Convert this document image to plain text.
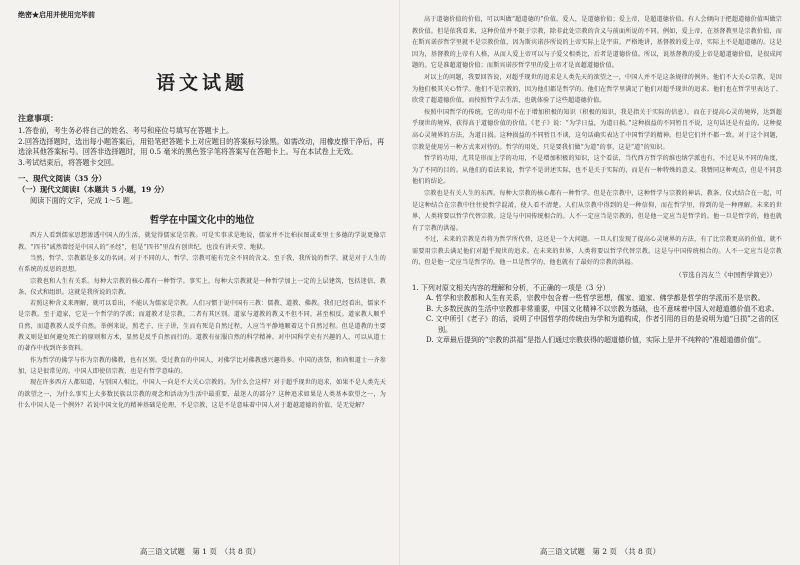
绝密★启用并使用完毕前
语文试题
注意事项：
1.答卷前，考生务必将自己的姓名、考号和座位号填写在答题卡上。
2.回答选择题时，选出每小题答案后，用铅笔把答题卡上对应题目的答案标号涂黑。如需改动，用橡皮擦干净后，再选涂其他答案标号。回答非选择题时，用 0.5 毫米的黑色签字笔将答案写在答题卡上。写在本试卷上无效。
3.考试结束后，将答题卡交回。
一、现代文阅读（35 分）
（一）现代文阅读Ⅰ（本题共 5 小题，19 分）
阅读下面的文字，完成 1～5 题。
哲学在中国文化中的地位

西方人看到儒家思想渗透中国人的生活，就觉得儒家是宗教。可是实事求是地说，儒家并不比柏拉图或亚里士多德的学说更像宗教。“四书”诚然曾经是中国人的“圣经”，但是“四书”里没有创世纪，也没有讲天堂、地狱。

当然，哲学、宗教都是多义的名词。对于不同的人，哲学、宗教可能有完全不同的含义。至于我，我所说的哲学，就是对于人生的有系统的反思的思想。

宗教也和人生有关系。每种大宗教的核心都有一种哲学。事实上，每种大宗教就是一种哲学加上一定的上层建筑，包括迷信、教条、仪式和组织。这就是我所说的宗教。

若照这种含义来理解，就可以看出，不能认为儒家是宗教。人们习惯于说中国有三教：儒教、道教、佛教。我们已经看出，儒家不是宗教。至于道家，它是一个哲学的学派；而道教才是宗教，二者有其区别。道家与道教的教义不但不同，甚至相反。道家教人顺乎自然，而道教教人反乎自然。举例来说，照老子、庄子讲，生而有死是自然过程，人应当平静地顺着这个自然过程。但是道教的主要教义则是如何避免死亡的原则和方术，显然是反乎自然而行的。道教有征服自然的科学精神。对中国科学史有兴趣的人，可以从道士的著作中找到许多资料。

作为哲学的佛学与作为宗教的佛教，也有区别。受过教育的中国人，对佛学比对佛教感兴趣得多。中国的丧祭，和尚和道士一齐参加，这是很常见的。中国人即使信宗教，也是有哲学意味的。

现在许多西方人都知道，与别国人相比，中国人一向是不大关心宗教的。为什么会这样？对于超乎现世的追求，如果不是人类先天的欲望之一，为什么事实上大多数民族以宗教的观念和活动为生活中最重要、最迷人的部分？这种追求如果是人类基本欲望之一，为什么中国人是一个例外？若说中国文化的精神基础是伦理，不是宗教，这是不是意味着中国人对于超越道德的价值，是无觉解？

高三语文试题　第 1 页　（共 8 页）

高于道德价值的价值，可以叫做“超道德的”价值。爱人，是道德价值；爱上帝，是超道德价值。有人会倾向于把超道德价值叫做宗教价值。但是依我看来，这种价值并不限于宗教，除非此处宗教的含义与前面所说的不同。例如，爱上帝，在基督教里是宗教价值，而在斯宾诺莎哲学里就不是宗教价值，因为斯宾诺莎所说的上帝实际上是宇宙。严格地讲，基督教的爱上帝，实际上不是超道德的。这是因为，基督教的上帝有人格，从而人爱上帝可以与子爱父相类比，后者是道德价值。所以，说基督教的爱上帝是超道德价值，是很成问题的。它是准超道德价值；而斯宾诺莎哲学里的爱上帝才是真超道德价值。

对以上的问题，我要回答说，对超乎现世的追求是人类先天的欲望之一，中国人并不是这条规律的例外。他们不大关心宗教，是因为他们极其关心哲学。他们不是宗教的，因为他们都是哲学的。他们在哲学里满足了他们对超乎现世的追求。他们也在哲学里表达了、欣赏了超道德价值，而按照哲学去生活，也就体验了这些超道德价值。

按照中国哲学的传统，它的功用不在于增加积极的知识（积极的知识，我是指关于实际的信息），而在于提高心灵的境界，达到超乎现世的境界，获得高于道德价值的价值。《老子》说：“为学日益，为道日损。”这种损益的不同暂且不说，这句话还是有益的。这种提高心灵境界的方法，为道日损。这种损益的不同暂且不谈，这句话确实表达了中国哲学的精神。但是它们并不都一致。对于这个问题，宗教是使用另一种方式来对待的。哲学的用处，只是要我们做“为道”的事，这是“道”的知识。

哲学的功用，尤其是形而上学的功用，不是增加积极的知识，这个看法，当代西方哲学的维也纳学派也有，不过是从不同的角度，为了不同的目的。从他们的看法来说，哲学不是讲述实际，也不是关于实际的，而是有一种特殊的意义。我赞同这种观点，但是不同意他们的结论。

宗教也是有关人生的东西。每种大宗教的核心都有一种哲学。但是在宗教中，这种哲学与宗教的神话、教条、仪式结合在一起，可是这种结合在宗教中往往使哲学混淆，使人看不清楚。人们从宗教中得到的是一种信仰，而在哲学里，得到的是一种理解。未来的世界，人类将要以哲学代替宗教。这是与中国传统相合的。人不一定应当是宗教的，但是他一定应当是哲学的。他一旦是哲学的，他也就有了宗教的洪福。

不过，未来的宗教是否将为哲学所代替，这还是一个大问题。一旦人们发现了提高心灵境界的方法，有了比宗教更高的价值，就不需要用宗教去满足他们对超乎现世的追求。在未来的世界，人类将要以哲学代替宗教。这是与中国传统相合的。人不一定应当是宗教的，但是他一定应当是哲学的。他一旦是哲学的，他也就有了最好的宗教的洪福。

（节选自冯友兰《中国哲学简史》）
1. 下列对原文相关内容的理解和分析，不正确的一项是（3 分）
A. 哲学和宗教都和人生有关系，宗教中包含着一些哲学思想，儒家、道家、佛学都是哲学的学派而不是宗教。
B. 大多数民族的生活中宗教都非常重要，中国文化精神不以宗教为基础，也不意味着中国人对超道德价值不追求。
C. 文中所引《老子》的话，说明了中国哲学的传统由为学和为道构成，作者引用的目的是说明为道“日损”之省的区别。
D. 文章最后提到的“宗教的洪福”是指人们通过宗教获得的超道德价值，实际上是并不纯粹的“准超道德价值”。
高三语文试题　第 2 页　（共 8 页）
